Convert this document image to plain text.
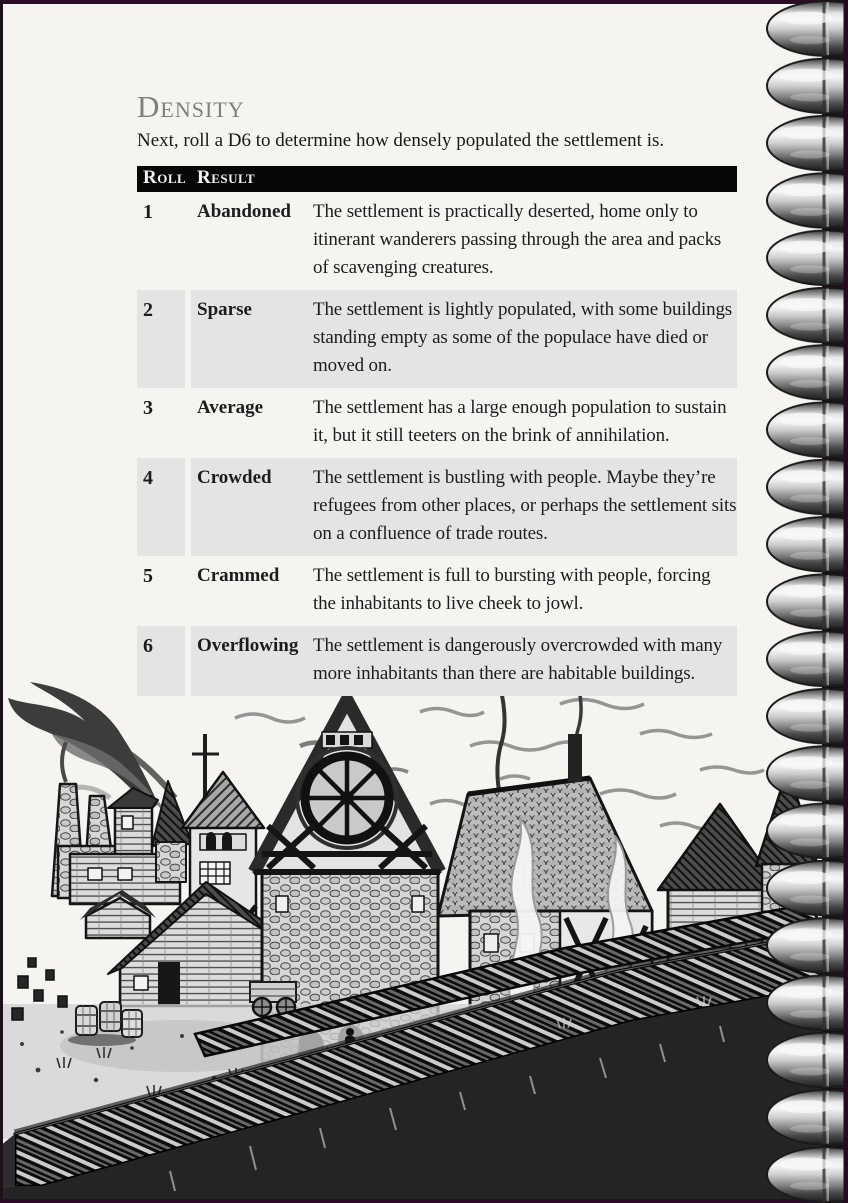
Density

Next, roll a D6 to determine how densely populated the settlement is.

Roll Result
1	Abandoned	The settlement is practically deserted, home only to itinerant wanderers passing through the area and packs of scavenging creatures.
2	Sparse	The settlement is lightly populated, with some buildings standing empty as some of the populace have died or moved on.
3	Average	The settlement has a large enough population to sustain it, but it still teeters on the brink of annihilation.
4	Crowded	The settlement is bustling with people. Maybe they’re refugees from other places, or perhaps the settlement sits on a confluence of trade routes.
5	Crammed	The settlement is full to bursting with people, forcing the inhabitants to live cheek to jowl.
6	Overflowing The settlement is dangerously overcrowded with many more inhabitants than there are habitable buildings.
